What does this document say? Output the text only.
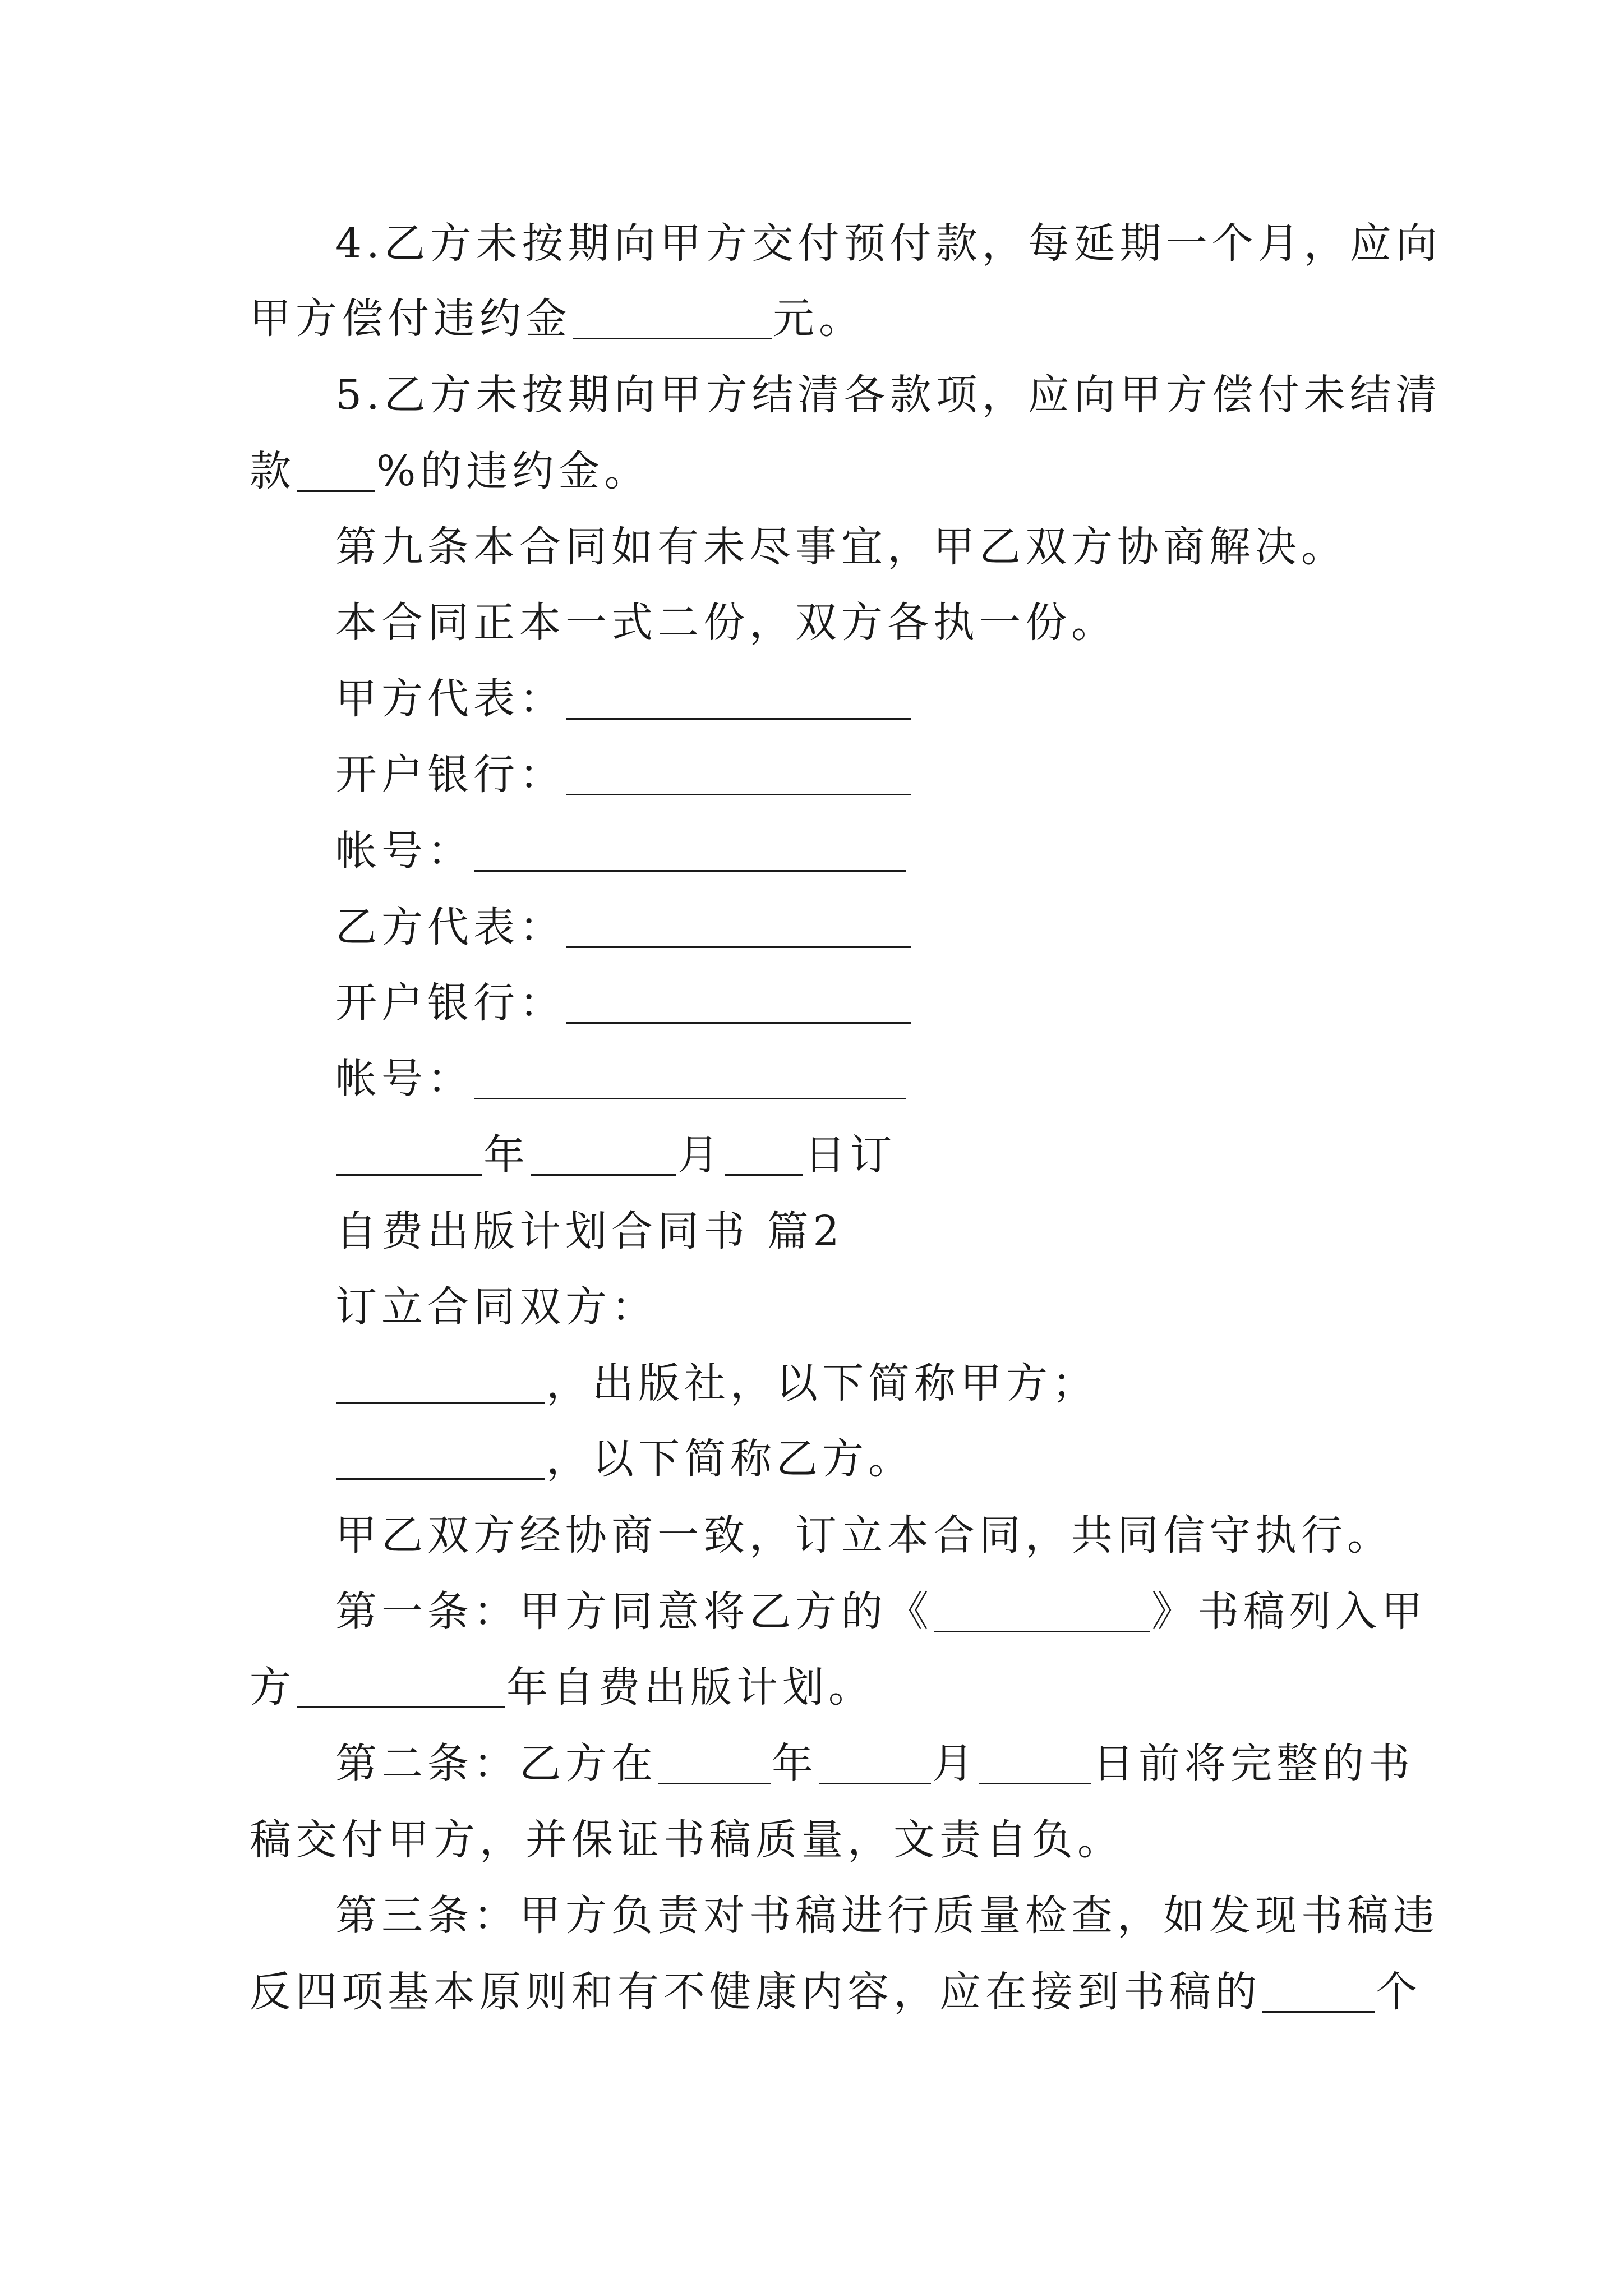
4.乙方未按期向甲方交付预付款，每延期一个月，应向
甲方偿付违约金	元。
5.乙方未按期向甲方结清各款项，应向甲方偿付未结清
款 %的违约金。
第九条本合同如有未尽事宜，甲乙双方协商解决。
本合同正本一式二份，双方各执一份。
甲方代表：
开户银行：
帐号：
乙方代表：
开户银行：
帐号：
年	月 日订
自费出版计划合同书 篇2
订立合同双方：
，出版社，以下简称甲方；
，以下简称乙方。
甲乙双方经协商一致，订立本合同，共同信守执行。
第一条：甲方同意将乙方的《	》书稿列入甲
方	年自费出版计划。
第二条：乙方在	年	月	日前将完整的书
稿交付甲方，并保证书稿质量，文责自负。
第三条：甲方负责对书稿进行质量检查，如发现书稿违
反四项基本原则和有不健康内容，应在接到书稿的	个
